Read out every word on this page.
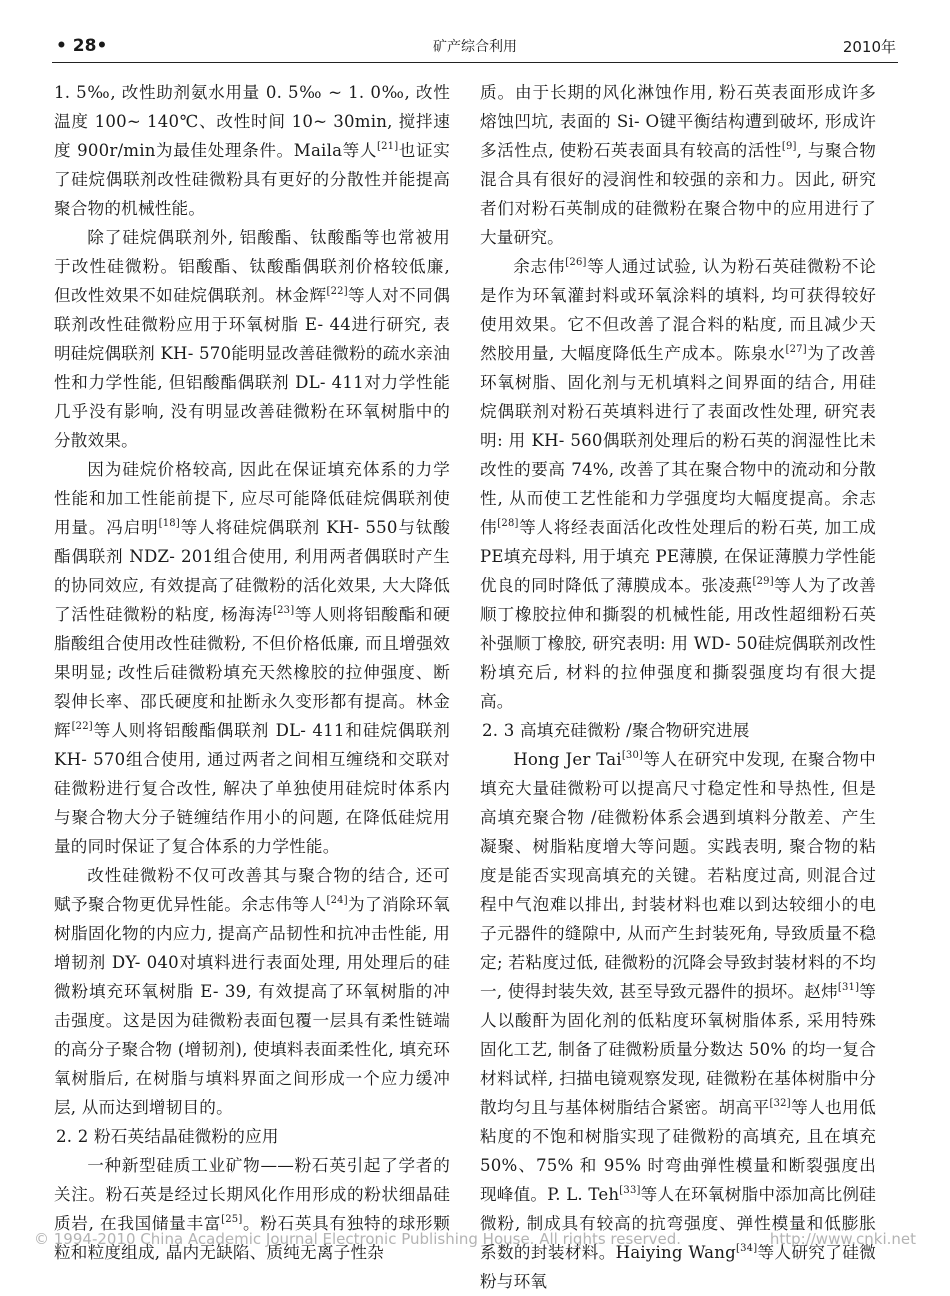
• 28•	矿产综合利用	2010年

1. 5‰, 改性助剂氨水用量 0. 5‰ ~ 1. 0‰, 改性温度 100~ 140℃、改性时间 10~ 30min, 搅拌速度 900r/min为最佳处理条件。Maila等人[21]也证实了硅烷偶联剂改性硅微粉具有更好的分散性并能提高聚合物的机械性能。

除了硅烷偶联剂外, 铝酸酯、钛酸酯等也常被用于改性硅微粉。铝酸酯、钛酸酯偶联剂价格较低廉, 但改性效果不如硅烷偶联剂。林金辉[22]等人对不同偶联剂改性硅微粉应用于环氧树脂 E- 44进行研究, 表明硅烷偶联剂 KH- 570能明显改善硅微粉的疏水亲油性和力学性能, 但铝酸酯偶联剂 DL- 411对力学性能几乎没有影响, 没有明显改善硅微粉在环氧树脂中的分散效果。

因为硅烷价格较高, 因此在保证填充体系的力学性能和加工性能前提下, 应尽可能降低硅烷偶联剂使用量。冯启明[18]等人将硅烷偶联剂 KH- 550与钛酸酯偶联剂 NDZ- 201组合使用, 利用两者偶联时产生的协同效应, 有效提高了硅微粉的活化效果, 大大降低了活性硅微粉的粘度, 杨海涛[23]等人则将铝酸酯和硬脂酸组合使用改性硅微粉, 不但价格低廉, 而且增强效果明显; 改性后硅微粉填充天然橡胶的拉伸强度、断裂伸长率、邵氏硬度和扯断永久变形都有提高。林金辉[22]等人则将铝酸酯偶联剂 DL- 411和硅烷偶联剂 KH- 570组合使用, 通过两者之间相互缠绕和交联对硅微粉进行复合改性, 解决了单独使用硅烷时体系内与聚合物大分子链缠结作用小的问题, 在降低硅烷用量的同时保证了复合体系的力学性能。

改性硅微粉不仅可改善其与聚合物的结合, 还可赋予聚合物更优异性能。余志伟等人[24]为了消除环氧树脂固化物的内应力, 提高产品韧性和抗冲击性能, 用增韧剂 DY- 040对填料进行表面处理, 用处理后的硅微粉填充环氧树脂 E- 39, 有效提高了环氧树脂的冲击强度。这是因为硅微粉表面包覆一层具有柔性链端的高分子聚合物 (增韧剂), 使填料表面柔性化, 填充环氧树脂后, 在树脂与填料界面之间形成一个应力缓冲层, 从而达到增韧目的。

2. 2 粉石英结晶硅微粉的应用

一种新型硅质工业矿物——粉石英引起了学者的关注。粉石英是经过长期风化作用形成的粉状细晶硅质岩, 在我国储量丰富[25]。粉石英具有独特的球形颗粒和粒度组成, 晶内无缺陷、质纯无离子性杂

质。由于长期的风化淋蚀作用, 粉石英表面形成许多熔蚀凹坑, 表面的 Si- O键平衡结构遭到破坏, 形成许多活性点, 使粉石英表面具有较高的活性[9], 与聚合物混合具有很好的浸润性和较强的亲和力。因此, 研究者们对粉石英制成的硅微粉在聚合物中的应用进行了大量研究。

余志伟[26]等人通过试验, 认为粉石英硅微粉不论是作为环氧灌封料或环氧涂料的填料, 均可获得较好使用效果。它不但改善了混合料的粘度, 而且减少天然胶用量, 大幅度降低生产成本。陈泉水[27]为了改善环氧树脂、固化剂与无机填料之间界面的结合, 用硅烷偶联剂对粉石英填料进行了表面改性处理, 研究表明: 用 KH- 560偶联剂处理后的粉石英的润湿性比未改性的要高 74%, 改善了其在聚合物中的流动和分散性, 从而使工艺性能和力学强度均大幅度提高。余志伟[28]等人将经表面活化改性处理后的粉石英, 加工成 PE填充母料, 用于填充 PE薄膜, 在保证薄膜力学性能优良的同时降低了薄膜成本。张凌燕[29]等人为了改善顺丁橡胶拉伸和撕裂的机械性能, 用改性超细粉石英补强顺丁橡胶, 研究表明: 用 WD- 50硅烷偶联剂改性粉填充后, 材料的拉伸强度和撕裂强度均有很大提高。

2. 3 高填充硅微粉 /聚合物研究进展

Hong Jer Tai[30]等人在研究中发现, 在聚合物中填充大量硅微粉可以提高尺寸稳定性和导热性, 但是高填充聚合物 /硅微粉体系会遇到填料分散差、产生凝聚、树脂粘度增大等问题。实践表明, 聚合物的粘度是能否实现高填充的关键。若粘度过高, 则混合过程中气泡难以排出, 封装材料也难以到达较细小的电子元器件的缝隙中, 从而产生封装死角, 导致质量不稳定; 若粘度过低, 硅微粉的沉降会导致封装材料的不均一, 使得封装失效, 甚至导致元器件的损坏。赵炜[31]等人以酸酐为固化剂的低粘度环氧树脂体系, 采用特殊固化工艺, 制备了硅微粉质量分数达 50% 的均一复合材料试样, 扫描电镜观察发现, 硅微粉在基体树脂中分散均匀且与基体树脂结合紧密。胡高平[32]等人也用低粘度的不饱和树脂实现了硅微粉的高填充, 且在填充 50%、75% 和 95% 时弯曲弹性模量和断裂强度出现峰值。P. L. Teh[33]等人在环氧树脂中添加高比例硅微粉, 制成具有较高的抗弯强度、弹性模量和低膨胀系数的封装材料。Haiying Wang[34]等人研究了硅微粉与环氧

© 1994-2010 China Academic Journal Electronic Publishing House. All rights reserved.	http://www.cnki.net
